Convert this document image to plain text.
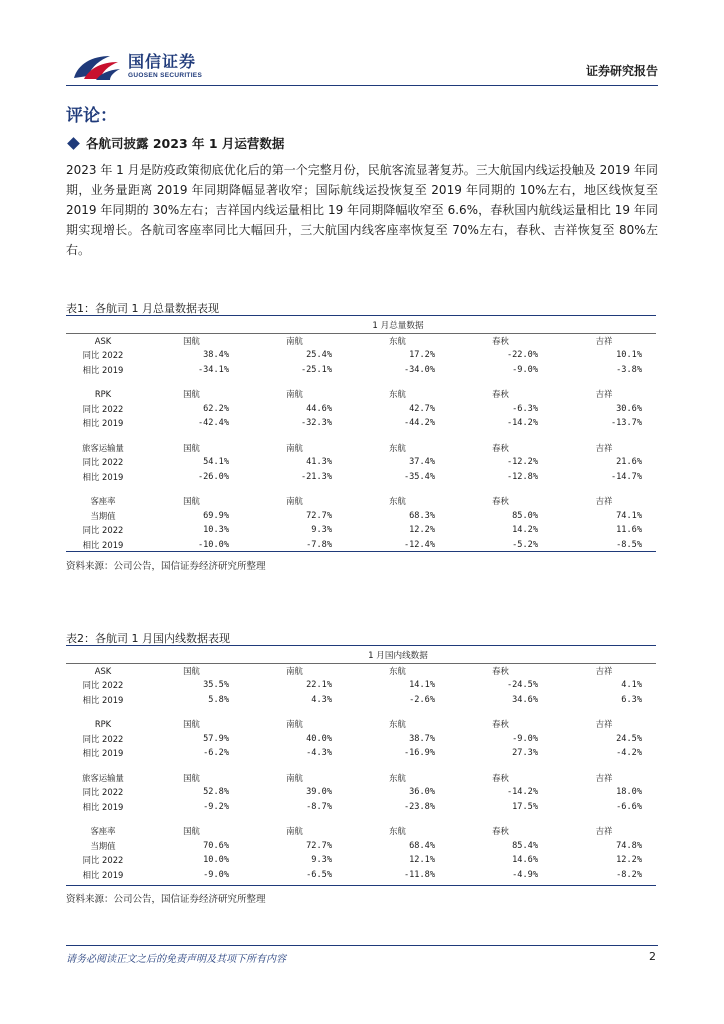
国信证券
GUOSEN SECURITIES	证券研究报告
评论：
各航司披露 2023 年 1 月运营数据

2023 年 1 月是防疫政策彻底优化后的第一个完整月份，民航客流显著复苏。三大航国内线运投触及 2019 年同期，业务量距离 2019 年同期降幅显著收窄；国际航线运投恢复至 2019 年同期的 10%左右，地区线恢复至 2019 年同期的 30%左右；吉祥国内线运量相比 19 年同期降幅收窄至 6.6%，春秋国内航线运量相比 19 年同期实现增长。各航司客座率同比大幅回升，三大航国内线客座率恢复至 70%左右，春秋、吉祥恢复至 80%左右。

表1：各航司 1 月总量数据表现
	1 月总量数据				
ASK	国航	南航	东航	春秋	吉祥
同比 2022	38.4%	25.4%	17.2%	-22.0%	10.1%
相比 2019	-34.1%	-25.1%	-34.0%	-9.0%	-3.8%

RPK	国航	南航	东航	春秋	吉祥
同比 2022	62.2%	44.6%	42.7%	-6.3%	30.6%
相比 2019	-42.4%	-32.3%	-44.2%	-14.2%	-13.7%

旅客运输量	国航	南航	东航	春秋	吉祥
同比 2022	54.1%	41.3%	37.4%	-12.2%	21.6%
相比 2019	-26.0%	-21.3%	-35.4%	-12.8%	-14.7%

客座率	国航	南航	东航	春秋	吉祥
当期值	69.9%	72.7%	68.3%	85.0%	74.1%
同比 2022	10.3%	9.3%	12.2%	14.2%	11.6%
相比 2019	-10.0%	-7.8%	-12.4%	-5.2%	-8.5%
资料来源：公司公告，国信证券经济研究所整理
表2：各航司 1 月国内线数据表现
	1 月国内线数据				
ASK	国航	南航	东航	春秋	吉祥
同比 2022	35.5%	22.1%	14.1%	-24.5%	4.1%
相比 2019	5.8%	4.3%	-2.6%	34.6%	6.3%

RPK	国航	南航	东航	春秋	吉祥
同比 2022	57.9%	40.0%	38.7%	-9.0%	24.5%
相比 2019	-6.2%	-4.3%	-16.9%	27.3%	-4.2%

旅客运输量	国航	南航	东航	春秋	吉祥
同比 2022	52.8%	39.0%	36.0%	-14.2%	18.0%
相比 2019	-9.2%	-8.7%	-23.8%	17.5%	-6.6%

客座率	国航	南航	东航	春秋	吉祥
当期值	70.6%	72.7%	68.4%	85.4%	74.8%
同比 2022	10.0%	9.3%	12.1%	14.6%	12.2%
相比 2019	-9.0%	-6.5%	-11.8%	-4.9%	-8.2%
资料来源：公司公告，国信证券经济研究所整理
请务必阅读正文之后的免责声明及其项下所有内容	2
